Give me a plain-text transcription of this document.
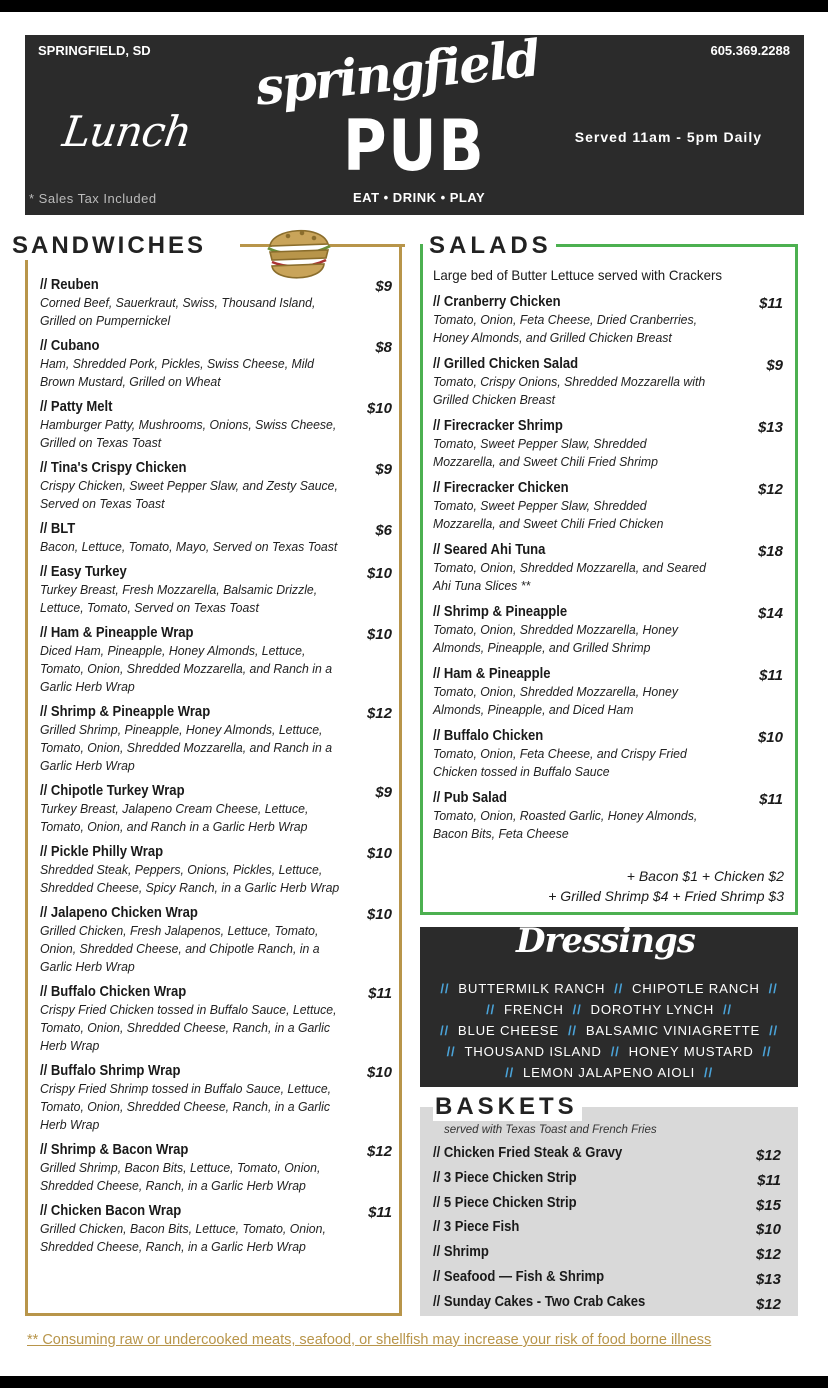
SPRINGFIELD, SD	605.369.2288
Lunch
springfield
PUB	Served 11am - 5pm Daily
* Sales Tax Included	EAT • DRINK • PLAY
SANDWICHES
// Reuben	$9
Corned Beef, Sauerkraut, Swiss, Thousand Island, Grilled on Pumpernickel
// Cubano	$8
Ham, Shredded Pork, Pickles, Swiss Cheese, Mild Brown Mustard, Grilled on Wheat
// Patty Melt	$10
Hamburger Patty, Mushrooms, Onions, Swiss Cheese, Grilled on Texas Toast
// Tina's Crispy Chicken	$9
Crispy Chicken, Sweet Pepper Slaw, and Zesty Sauce, Served on Texas Toast
// BLT	$6
Bacon, Lettuce, Tomato, Mayo, Served on Texas Toast
// Easy Turkey	$10
Turkey Breast, Fresh Mozzarella, Balsamic Drizzle, Lettuce, Tomato, Served on Texas Toast
// Ham & Pineapple Wrap	$10
Diced Ham, Pineapple, Honey Almonds, Lettuce, Tomato, Onion, Shredded Mozzarella, and Ranch in a Garlic Herb Wrap
// Shrimp & Pineapple Wrap	$12
Grilled Shrimp, Pineapple, Honey Almonds, Lettuce, Tomato, Onion, Shredded Mozzarella, and Ranch in a Garlic Herb Wrap
// Chipotle Turkey Wrap	$9
Turkey Breast, Jalapeno Cream Cheese, Lettuce, Tomato, Onion, and Ranch in a Garlic Herb Wrap
// Pickle Philly Wrap	$10
Shredded Steak, Peppers, Onions, Pickles, Lettuce, Shredded Cheese, Spicy Ranch, in a Garlic Herb Wrap
// Jalapeno Chicken Wrap	$10
Grilled Chicken, Fresh Jalapenos, Lettuce, Tomato, Onion, Shredded Cheese, and Chipotle Ranch, in a Garlic Herb Wrap
// Buffalo Chicken Wrap	$11
Crispy Fried Chicken tossed in Buffalo Sauce, Lettuce, Tomato, Onion, Shredded Cheese, Ranch, in a Garlic Herb Wrap
// Buffalo Shrimp Wrap	$10
Crispy Fried Shrimp tossed in Buffalo Sauce, Lettuce, Tomato, Onion, Shredded Cheese, Ranch, in a Garlic Herb Wrap
// Shrimp & Bacon Wrap	$12
Grilled Shrimp, Bacon Bits, Lettuce, Tomato, Onion, Shredded Cheese, Ranch, in a Garlic Herb Wrap
// Chicken Bacon Wrap	$11
Grilled Chicken, Bacon Bits, Lettuce, Tomato, Onion, Shredded Cheese, Ranch, in a Garlic Herb Wrap
SALADS
Large bed of Butter Lettuce served with Crackers
// Cranberry Chicken	$11
Tomato, Onion, Feta Cheese, Dried Cranberries, Honey Almonds, and Grilled Chicken Breast
// Grilled Chicken Salad	$9
Tomato, Crispy Onions, Shredded Mozzarella with Grilled Chicken Breast
// Firecracker Shrimp	$13
Tomato, Sweet Pepper Slaw, Shredded Mozzarella, and Sweet Chili Fried Shrimp
// Firecracker Chicken	$12
Tomato, Sweet Pepper Slaw, Shredded Mozzarella, and Sweet Chili Fried Chicken
// Seared Ahi Tuna	$18
Tomato, Onion, Shredded Mozzarella, and Seared Ahi Tuna Slices **
// Shrimp & Pineapple	$14
Tomato, Onion, Shredded Mozzarella, Honey Almonds, Pineapple, and Grilled Shrimp
// Ham & Pineapple	$11
Tomato, Onion, Shredded Mozzarella, Honey Almonds, Pineapple, and Diced Ham
// Buffalo Chicken	$10
Tomato, Onion, Feta Cheese, and Crispy Fried Chicken tossed in Buffalo Sauce
// Pub Salad	$11
Tomato, Onion, Roasted Garlic, Honey Almonds, Bacon Bits, Feta Cheese
+ Bacon $1 + Chicken $2
+ Grilled Shrimp $4 + Fried Shrimp $3
Dressings
// BUTTERMILK RANCH // CHIPOTLE RANCH //
// FRENCH // DOROTHY LYNCH //
// BLUE CHEESE // BALSAMIC VINIAGRETTE //
// THOUSAND ISLAND // HONEY MUSTARD //
// LEMON JALAPENO AIOLI //
BASKETS
served with Texas Toast and French Fries
// Chicken Fried Steak & Gravy	$12
// 3 Piece Chicken Strip	$11
// 5 Piece Chicken Strip	$15
// 3 Piece Fish	$10
// Shrimp	$12
// Seafood — Fish & Shrimp	$13
// Sunday Cakes - Two Crab Cakes	$12
** Consuming raw or undercooked meats, seafood, or shellfish may increase your risk of food borne illness
